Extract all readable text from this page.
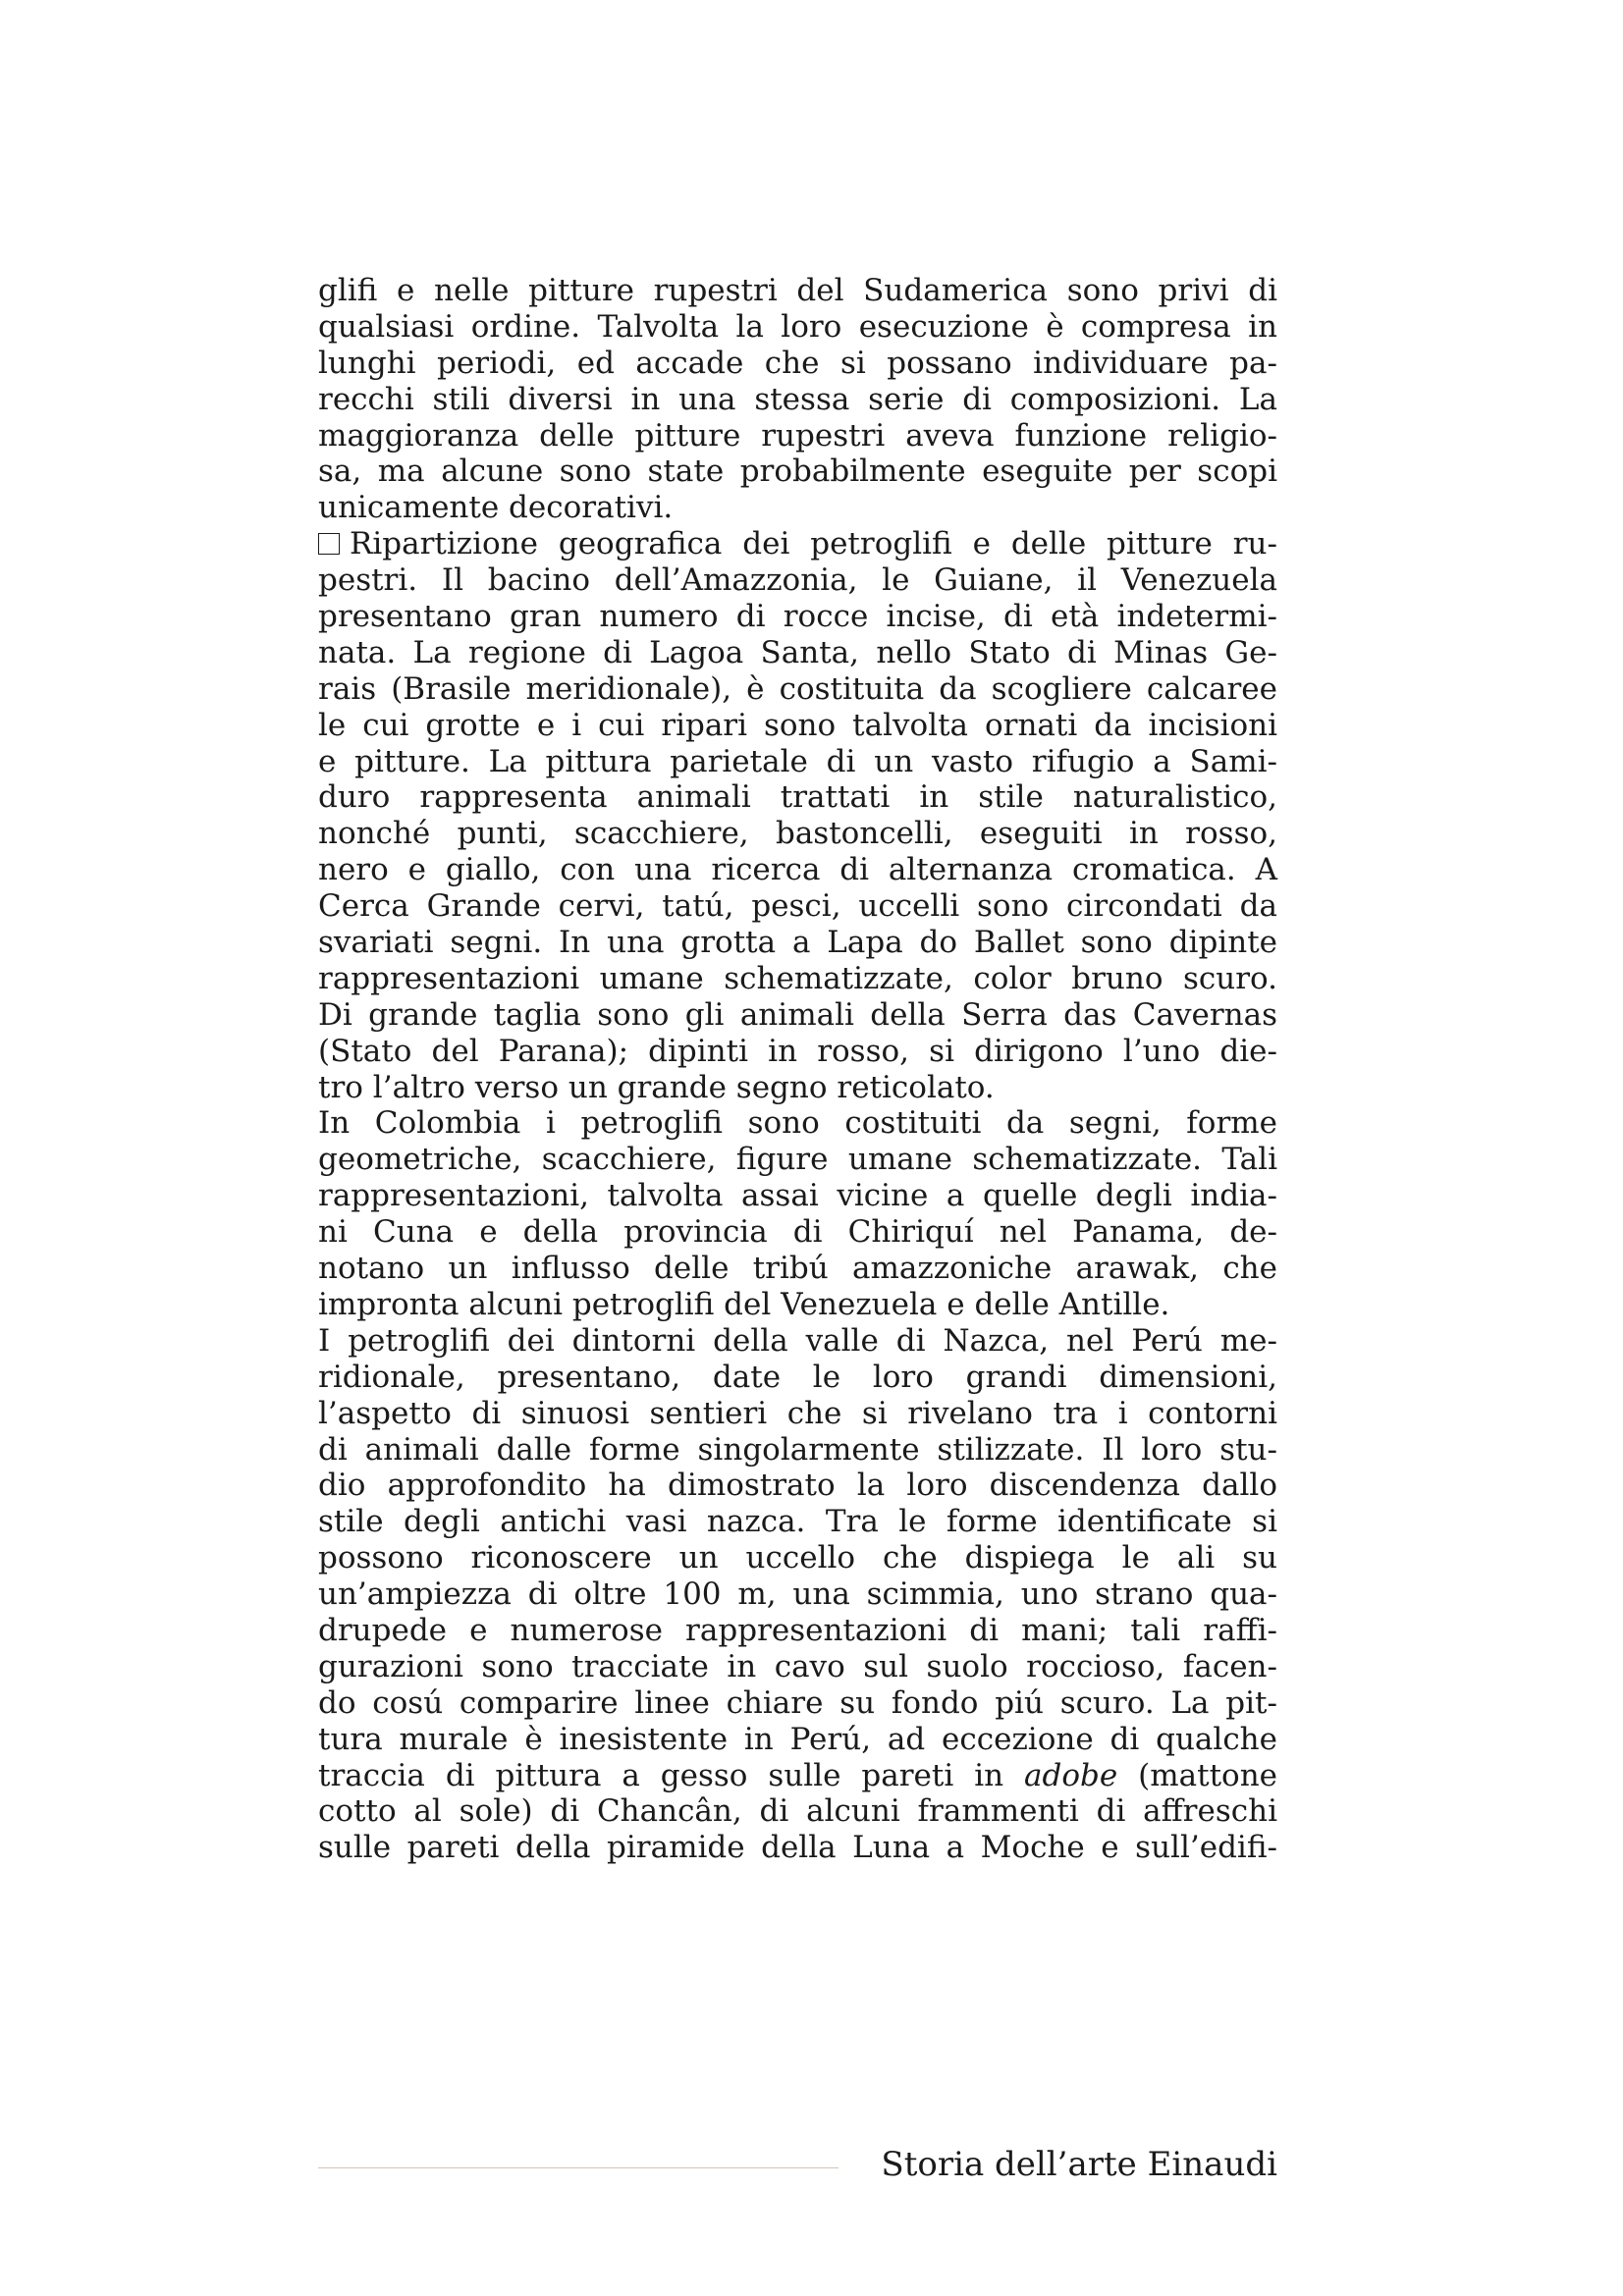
glifi e nelle pitture rupestri del Sudamerica sono privi di
qualsiasi ordine. Talvolta la loro esecuzione è compresa in
lunghi periodi, ed accade che si possano individuare pa-
recchi stili diversi in una stessa serie di composizioni. La
maggioranza delle pitture rupestri aveva funzione religio-
sa, ma alcune sono state probabilmente eseguite per scopi
unicamente decorativi.
Ripartizione geografica dei petroglifi e delle pitture ru-
pestri. Il bacino dell’Amazzonia, le Guiane, il Venezuela
presentano gran numero di rocce incise, di età indetermi-
nata. La regione di Lagoa Santa, nello Stato di Minas Ge-
rais (Brasile meridionale), è costituita da scogliere calcaree
le cui grotte e i cui ripari sono talvolta ornati da incisioni
e pitture. La pittura parietale di un vasto rifugio a Sami-
duro rappresenta animali trattati in stile naturalistico,
nonché punti, scacchiere, bastoncelli, eseguiti in rosso,
nero e giallo, con una ricerca di alternanza cromatica. A
Cerca Grande cervi, tatú, pesci, uccelli sono circondati da
svariati segni. In una grotta a Lapa do Ballet sono dipinte
rappresentazioni umane schematizzate, color bruno scuro.
Di grande taglia sono gli animali della Serra das Cavernas
(Stato del Parana); dipinti in rosso, si dirigono l’uno die-
tro l’altro verso un grande segno reticolato.
In Colombia i petroglifi sono costituiti da segni, forme
geometriche, scacchiere, figure umane schematizzate. Tali
rappresentazioni, talvolta assai vicine a quelle degli india-
ni Cuna e della provincia di Chiriquí nel Panama, de-
notano un influsso delle tribú amazzoniche arawak, che
impronta alcuni petroglifi del Venezuela e delle Antille.
I petroglifi dei dintorni della valle di Nazca, nel Perú me-
ridionale, presentano, date le loro grandi dimensioni,
l’aspetto di sinuosi sentieri che si rivelano tra i contorni
di animali dalle forme singolarmente stilizzate. Il loro stu-
dio approfondito ha dimostrato la loro discendenza dallo
stile degli antichi vasi nazca. Tra le forme identificate si
possono riconoscere un uccello che dispiega le ali su
un’ampiezza di oltre 100 m, una scimmia, uno strano qua-
drupede e numerose rappresentazioni di mani; tali raffi-
gurazioni sono tracciate in cavo sul suolo roccioso, facen-
do cosú comparire linee chiare su fondo piú scuro. La pit-
tura murale è inesistente in Perú, ad eccezione di qualche
traccia di pittura a gesso sulle pareti in adobe (mattone
cotto al sole) di Chancân, di alcuni frammenti di affreschi
sulle pareti della piramide della Luna a Moche e sull’edifi-
Storia dell’arte Einaudi
